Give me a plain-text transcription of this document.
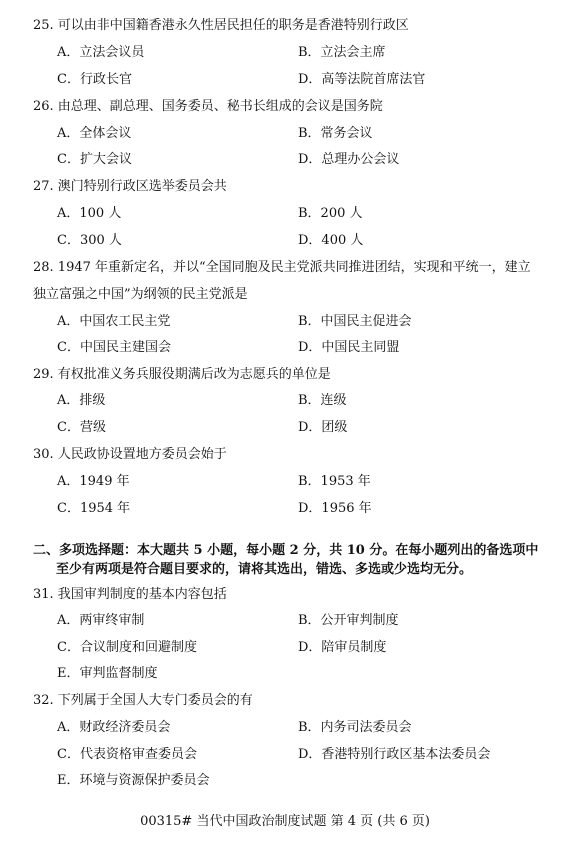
25. 可以由非中国籍香港永久性居民担任的职务是香港特别行政区
A．立法会议员	B．立法会主席
C．行政长官	D．高等法院首席法官
26. 由总理、副总理、国务委员、秘书长组成的会议是国务院
A．全体会议	B．常务会议
C．扩大会议	D．总理办公会议
27. 澳门特别行政区选举委员会共
A．100 人	B．200 人
C．300 人	D．400 人
28. 1947 年重新定名，并以“全国同胞及民主党派共同推进团结，实现和平统一，建立
独立富强之中国”为纲领的民主党派是
A．中国农工民主党	B．中国民主促进会
C．中国民主建国会	D．中国民主同盟
29. 有权批准义务兵服役期满后改为志愿兵的单位是
A．排级	B．连级
C．营级	D．团级
30. 人民政协设置地方委员会始于
A．1949 年	B．1953 年
C．1954 年	D．1956 年
二、多项选择题：本大题共 5 小题，每小题 2 分，共 10 分。在每小题列出的备选项中
至少有两项是符合题目要求的，请将其选出，错选、多选或少选均无分。
31. 我国审判制度的基本内容包括
A．两审终审制	B．公开审判制度
C．合议制度和回避制度	D．陪审员制度
E．审判监督制度
32. 下列属于全国人大专门委员会的有
A．财政经济委员会	B．内务司法委员会
C．代表资格审查委员会	D．香港特别行政区基本法委员会
E．环境与资源保护委员会
00315# 当代中国政治制度试题 第 4 页 (共 6 页)
